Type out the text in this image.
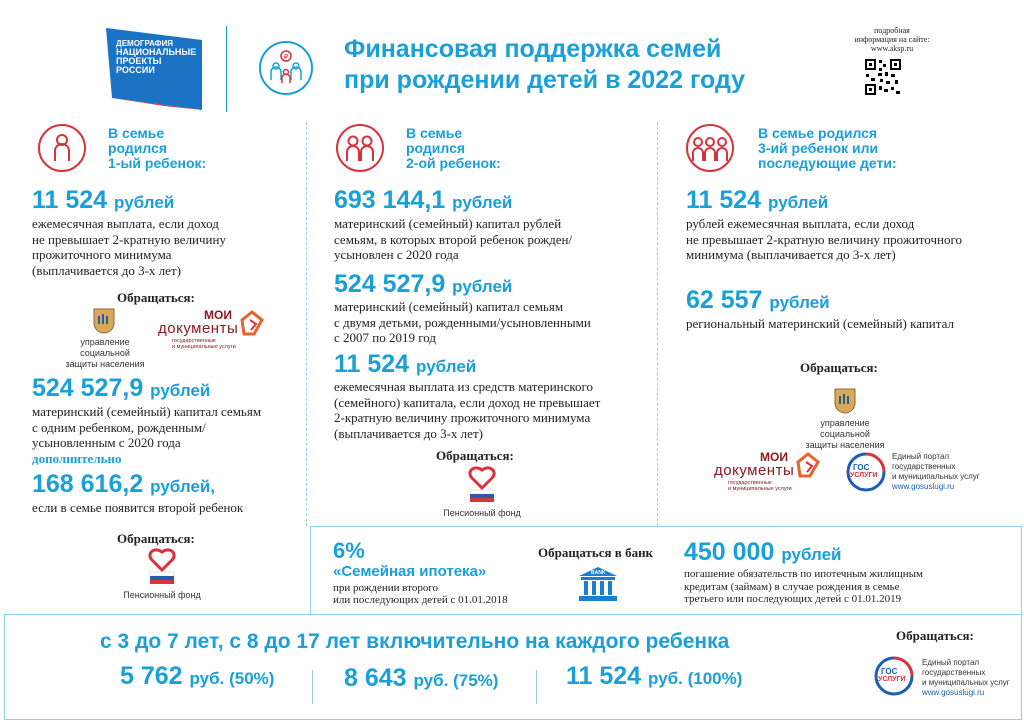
ДЕМОГРАФИЯ
НАЦИОНАЛЬНЫЕ
ПРОЕКТЫ
РОССИИ
₽ Финансовая поддержка семей
при рождении детей в 2022 году
подробная
информация на сайте:
www.aksp.ru
В семье
родился
1-ый ребенок:
11 524 рублей
ежемесячная выплата, если доход
не превышает 2-кратную величину
прожиточного минимума
(выплачивается до 3-х лет)
Обращаться:
управление социальной
защиты населения
МОИ
документы
государственные
и муниципальные услуги
524 527,9 рублей
материнский (семейный) капитал семьям
с одним ребенком, рожденным/
усыновленным с 2020 года
дополнительно
168 616,2 рублей,
если в семье появится второй ребенок
Обращаться:
Пенсионный фонд
В семье
родился
2-ой ребенок:
693 144,1 рублей
материнский (семейный) капитал рублей
семьям, в которых второй ребенок рожден/
усыновлен с 2020 года
524 527,9 рублей
материнский (семейный) капитал семьям
с двумя детьми, рожденными/усыновленными
с 2007 по 2019 год
11 524 рублей
ежемесячная выплата из средств материнского
(семейного) капитала, если доход не превышает
2-кратную величину прожиточного минимума
(выплачивается до 3-х лет)
Обращаться:
Пенсионный фонд
В семье родился
3-ий ребенок или
последующие дети:
11 524 рублей
рублей ежемесячная выплата, если доход
не превышает 2-кратную величину прожиточного
минимума (выплачивается до 3-х лет)
62 557 рублей
региональный материнский (семейный) капитал
Обращаться:
управление социальной
защиты населения
МОИ
документы
государственные
и муниципальные услуги
ГОС
УСЛУГИ
Единый портал
государственных
и муниципальных услуг
www.gosuslugi.ru
6%
«Семейная ипотека»
при рождении второго
или последующих детей с 01.01.2018
Обращаться в банк
BANK
450 000 рублей
погашение обязательств по ипотечным жилищным
кредитам (займам) в случае рождения в семье
третьего или последующих детей с 01.01.2019
с 3 до 7 лет, с 8 до 17 лет включительно на каждого ребенка
5 762 руб. (50%)	8 643 руб. (75%)	11 524 руб. (100%)
Обращаться:
ГОС
УСЛУГИ
Единый портал
государственных
и муниципальных услуг
www.gosuslugi.ru
